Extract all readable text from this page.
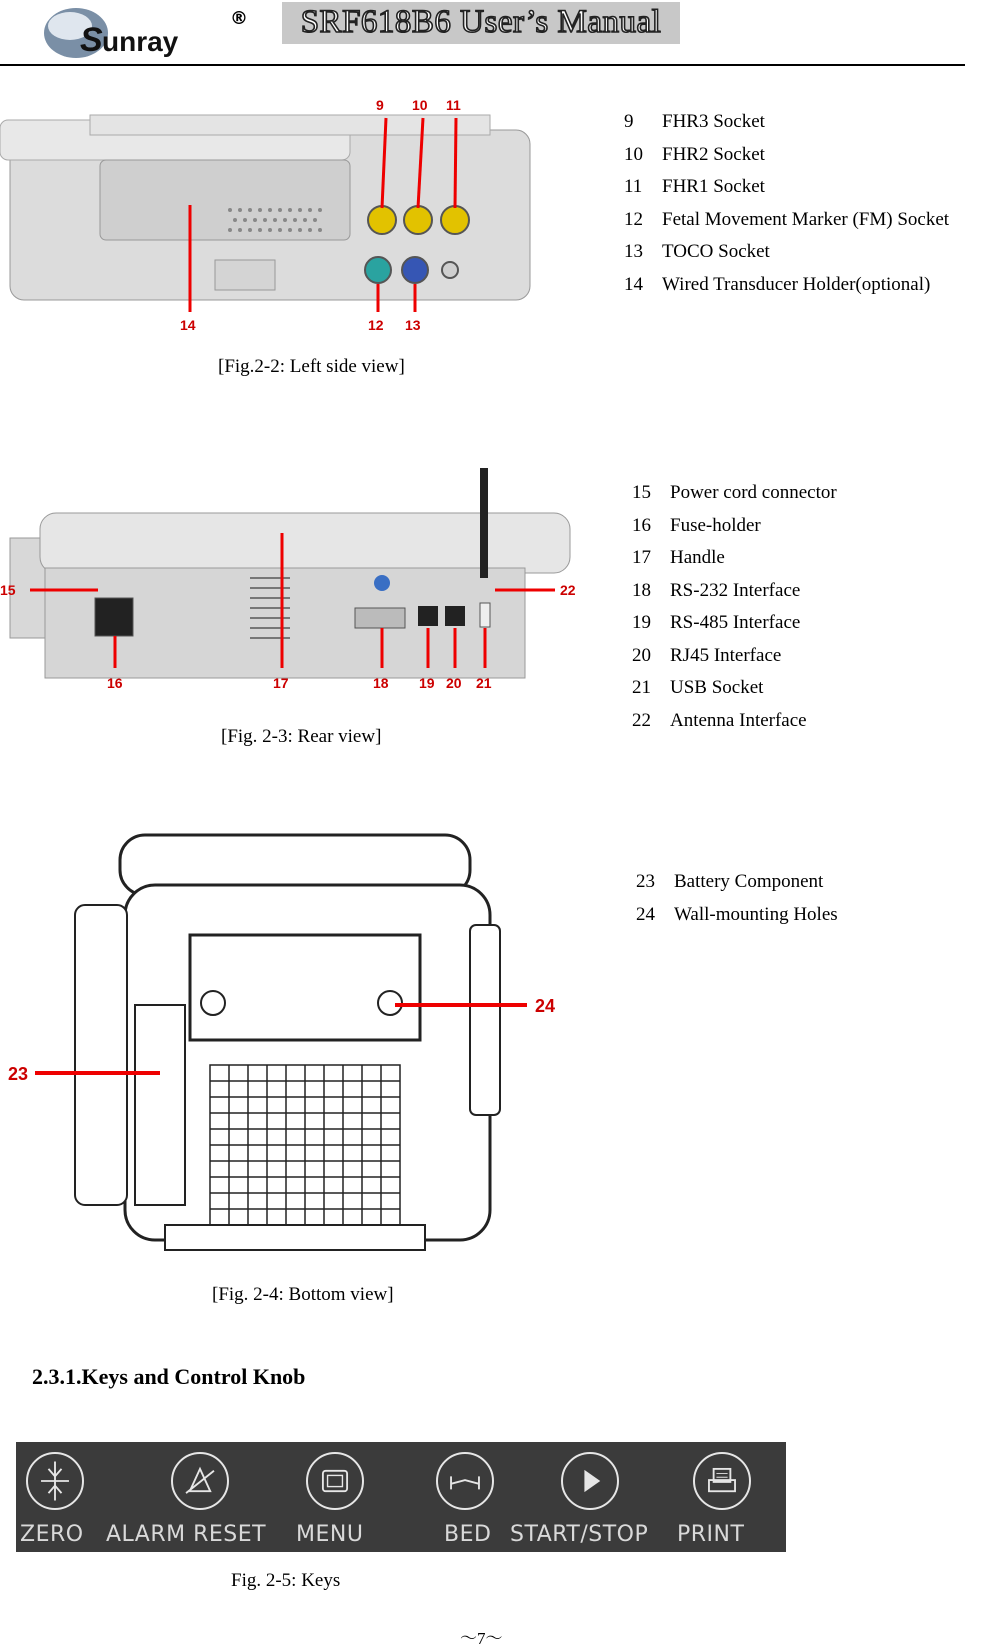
S unray
®	SRF618B6 User’s Manual
9 10 11
12 13
14
[Fig.2-2: Left side view]
9 FHR3 Socket
10 FHR2 Socket
11 FHR1 Socket
12 Fetal Movement Marker (FM) Socket
13 TOCO Socket
14 Wired Transducer Holder(optional)
15
16	17	18 19 20 21
22
[Fig. 2-3: Rear view]
15 Power cord connector
16 Fuse-holder
17 Handle
18 RS-232 Interface
19 RS-485 Interface
20 RJ45 Interface
21 USB Socket
22 Antenna Interface
23
24
[Fig. 2-4: Bottom view]
23 Battery Component
24 Wall-mounting Holes
2.3.1.Keys and Control Knob
ZERO ALARM RESET MENU	BED START/STOP PRINT
Fig. 2-5: Keys
～7～
